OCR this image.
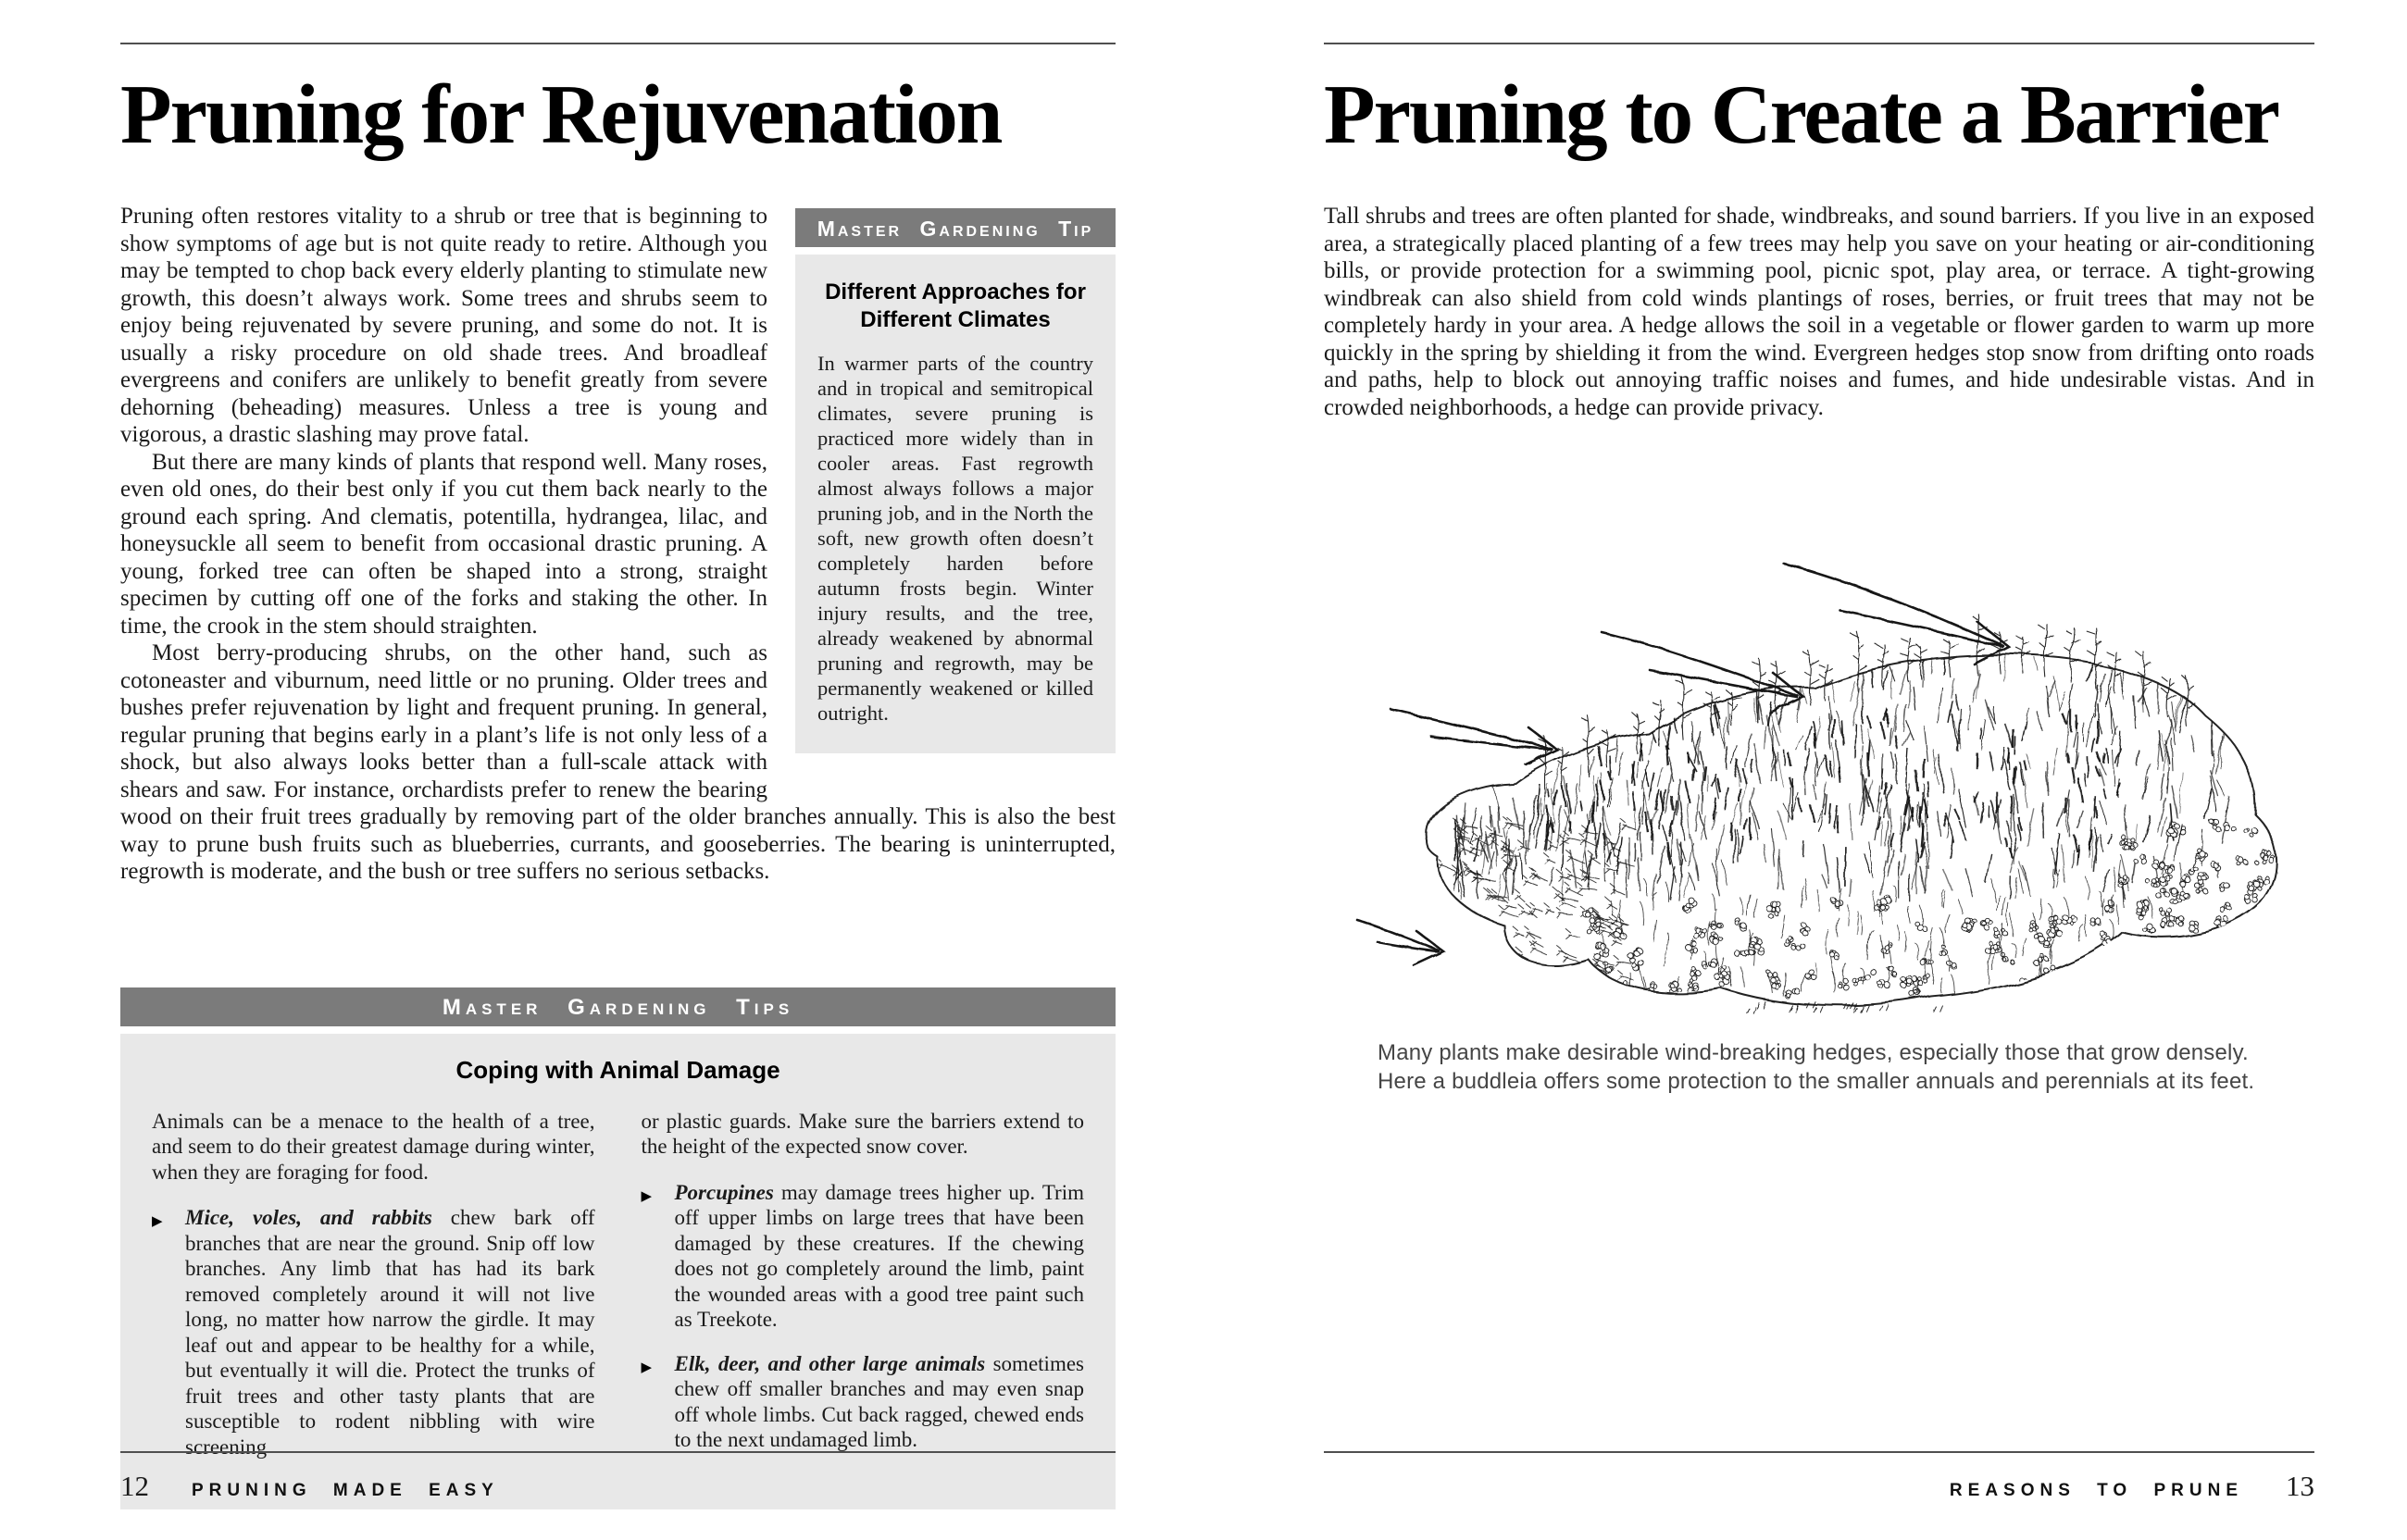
Pruning for Rejuvenation
Master Gardening Tip
Different Approaches for Different Climates

In warmer parts of the country and in tropical and semitropical climates, severe pruning is practiced more widely than in cooler areas. Fast regrowth almost always follows a major pruning job, and in the North the soft, new growth often doesn’t completely harden before autumn frosts begin. Winter injury results, and the tree, already weakened by abnormal pruning and regrowth, may be permanently weakened or killed outright.

Pruning often restores vitality to a shrub or tree that is beginning to show symptoms of age but is not quite ready to retire. Although you may be tempted to chop back every elderly planting to stimulate new growth, this doesn’t always work. Some trees and shrubs seem to enjoy being rejuvenated by severe pruning, and some do not. It is usually a risky procedure on old shade trees. And broadleaf evergreens and conifers are unlikely to benefit greatly from severe dehorning (beheading) measures. Unless a tree is young and vigorous, a drastic slashing may prove fatal.

But there are many kinds of plants that respond well. Many roses, even old ones, do their best only if you cut them back nearly to the ground each spring. And clematis, potentilla, hydrangea, lilac, and honeysuckle all seem to benefit from occasional drastic pruning. A young, forked tree can often be shaped into a strong, straight specimen by cutting off one of the forks and staking the other. In time, the crook in the stem should straighten.

Most berry-producing shrubs, on the other hand, such as cotoneaster and viburnum, need little or no pruning. Older trees and bushes prefer rejuvenation by light and frequent pruning. In general, regular pruning that begins early in a plant’s life is not only less of a shock, but also always looks better than a full-scale attack with shears and saw. For instance, orchardists prefer to renew the bearing wood on their fruit trees gradually by removing part of the older branches annually. This is also the best way to prune bush fruits such as blueberries, currants, and gooseberries. The bearing is uninterrupted, regrowth is moderate, and the bush or tree suffers no serious setbacks.

Master Gardening Tips
Coping with Animal Damage

Animals can be a menace to the health of a tree, and seem to do their greatest damage during winter, when they are foraging for food.

▶ Mice, voles, and rabbits chew bark off branches that are near the ground. Snip off low branches. Any limb that has had its bark removed completely around it will not live long, no matter how narrow the girdle. It may leaf out and appear to be healthy for a while, but eventually it will die. Protect the trunks of fruit trees and other tasty plants that are susceptible to rodent nibbling with wire screening

or plastic guards. Make sure the barriers extend to the height of the expected snow cover.

▶ Porcupines may damage trees higher up. Trim off upper limbs on large trees that have been damaged by these creatures. If the chewing does not go completely around the limb, paint the wounded areas with a good tree paint such as Treekote.
▶ Elk, deer, and other large animals sometimes chew off smaller branches and may even snap off whole limbs. Cut back ragged, chewed ends to the next undamaged limb.
12 PRUNING MADE EASY
Pruning to Create a Barrier

Tall shrubs and trees are often planted for shade, windbreaks, and sound barriers. If you live in an exposed area, a strategically placed planting of a few trees may help you save on your heating or air-conditioning bills, or provide protection for a swimming pool, picnic spot, play area, or terrace. A tight-growing windbreak can also shield from cold winds plantings of roses, berries, or fruit trees that may not be completely hardy in your area. A hedge allows the soil in a vegetable or flower garden to warm up more quickly in the spring by shielding it from the wind. Evergreen hedges stop snow from drifting onto roads and paths, help to block out annoying traffic noises and fumes, and hide undesirable vistas. And in crowded neighborhoods, a hedge can provide privacy.

Many plants make desirable wind-breaking hedges, especially those that grow densely. Here a buddleia offers some protection to the smaller annuals and perennials at its feet.

REASONS TO PRUNE 13
